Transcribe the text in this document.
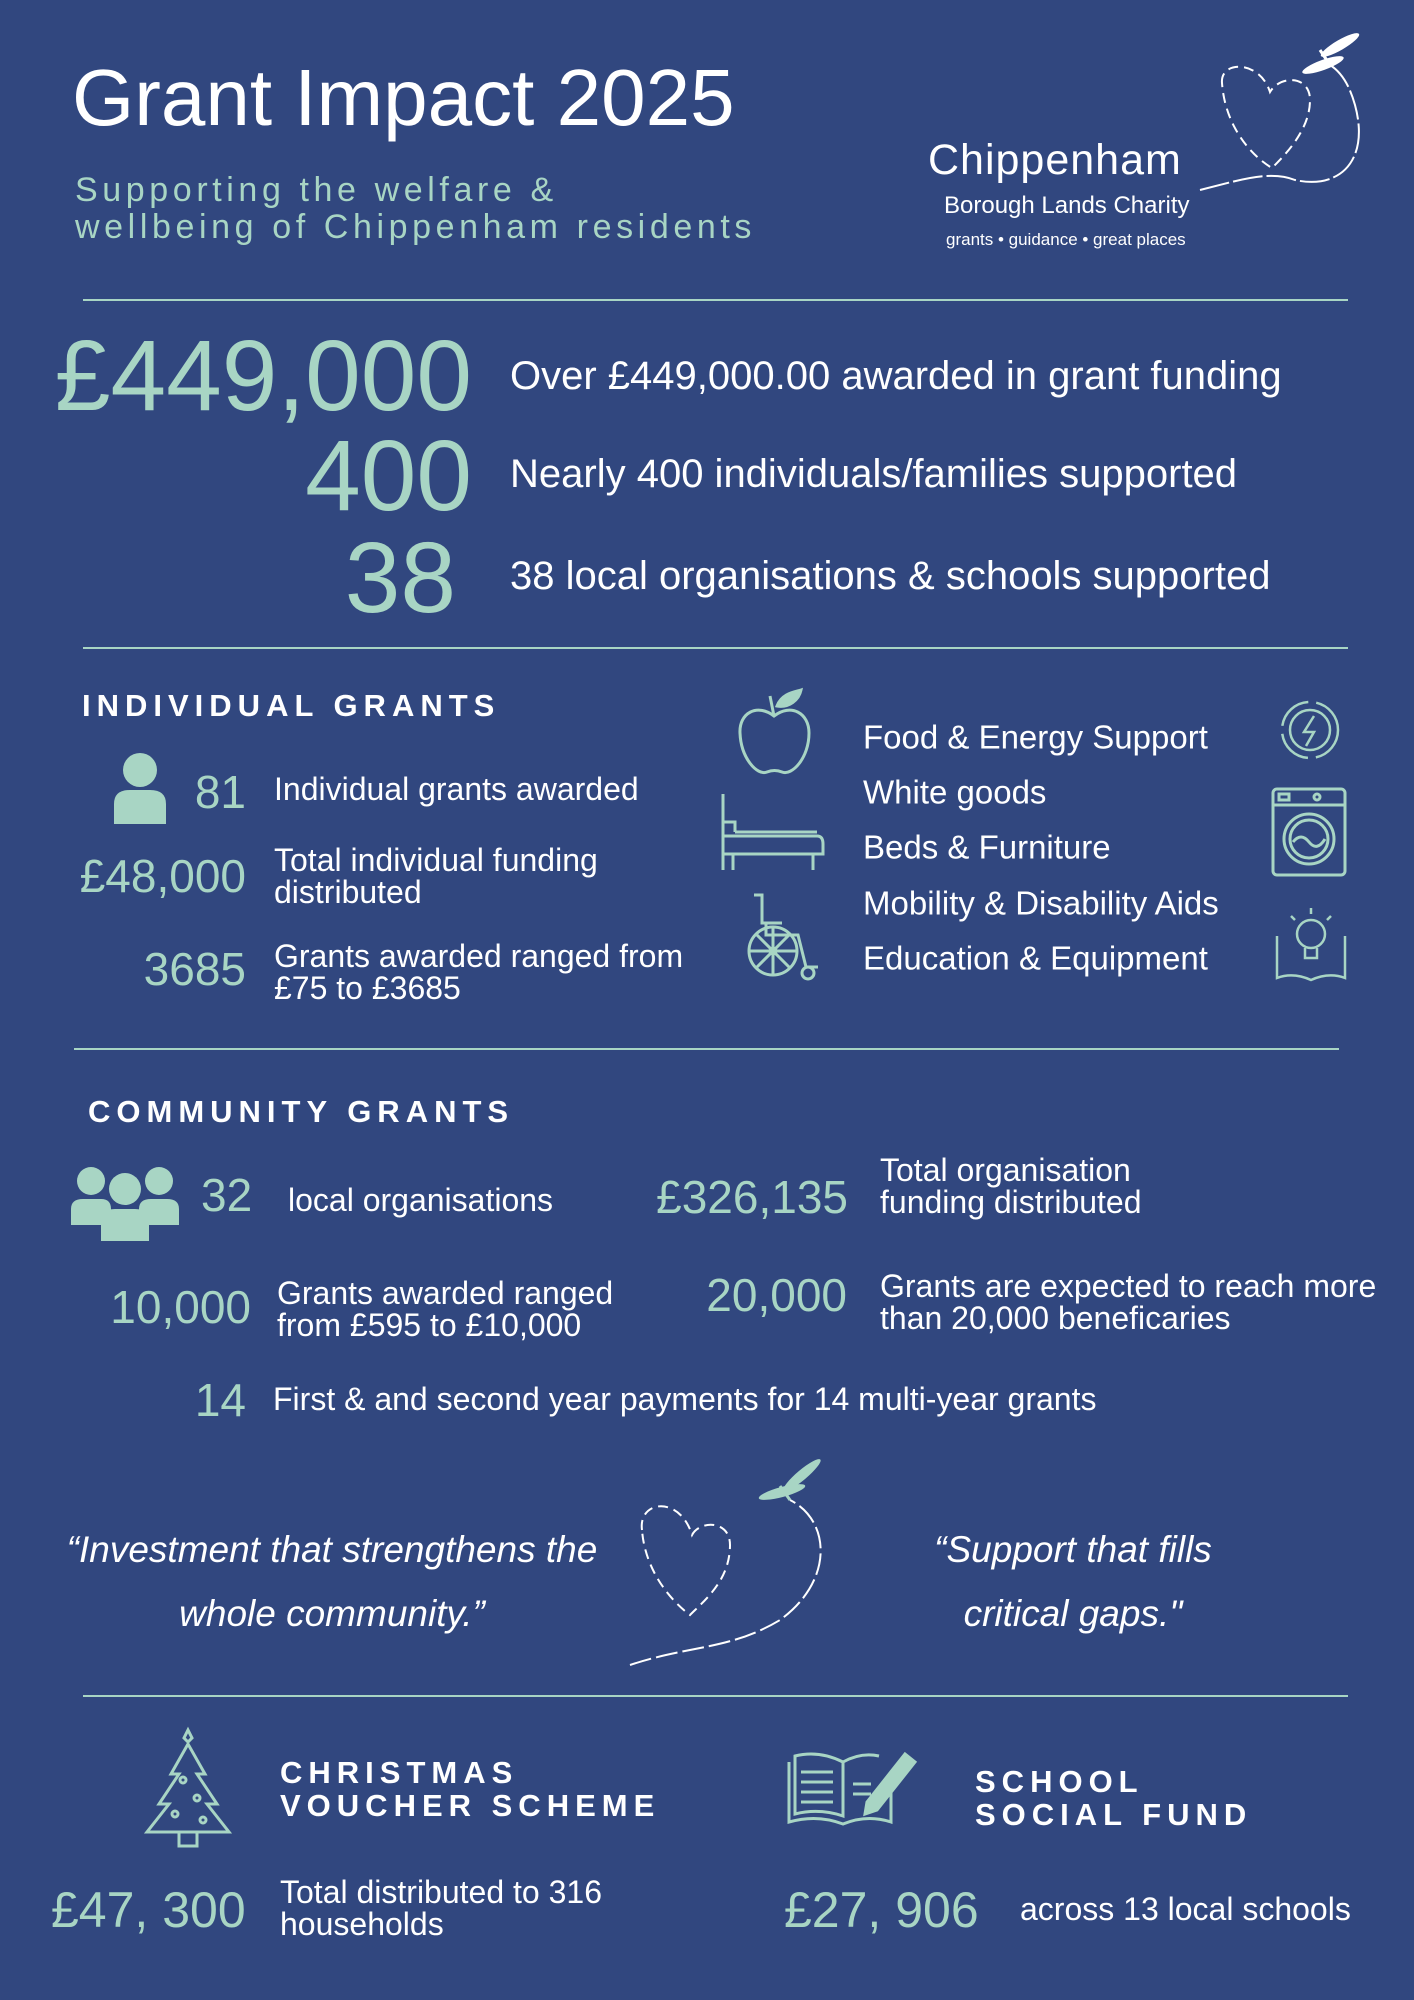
Grant Impact 2025
Supporting the welfare &
wellbeing of Chippenham residents
Chippenham
Borough Lands Charity
grants • guidance • great places
£449,000 Over £449,000.00 awarded in grant funding
400 Nearly 400 individuals/families supported
38 38 local organisations & schools supported
INDIVIDUAL GRANTS
81 Individual grants awarded
£48,000 Total individual funding distributed
3685 Grants awarded ranged from £75 to £3685
Food & Energy Support
White goods
Beds & Furniture
Mobility & Disability Aids
Education & Equipment
COMMUNITY GRANTS
32 local organisations £326,135
Total organisation funding distributed
10,000 Grants awarded ranged from £595 to £10,000
20,000 Grants are expected to reach more than 20,000 beneficaries
14 First & and second year payments for 14 multi-year grants
“Investment that strengthens the whole community.”
“Support that fills critical gaps."
CHRISTMAS
VOUCHER SCHEME
£47, 300 Total distributed to 316 households
SCHOOL
SOCIAL FUND
£27, 906 across 13 local schools
